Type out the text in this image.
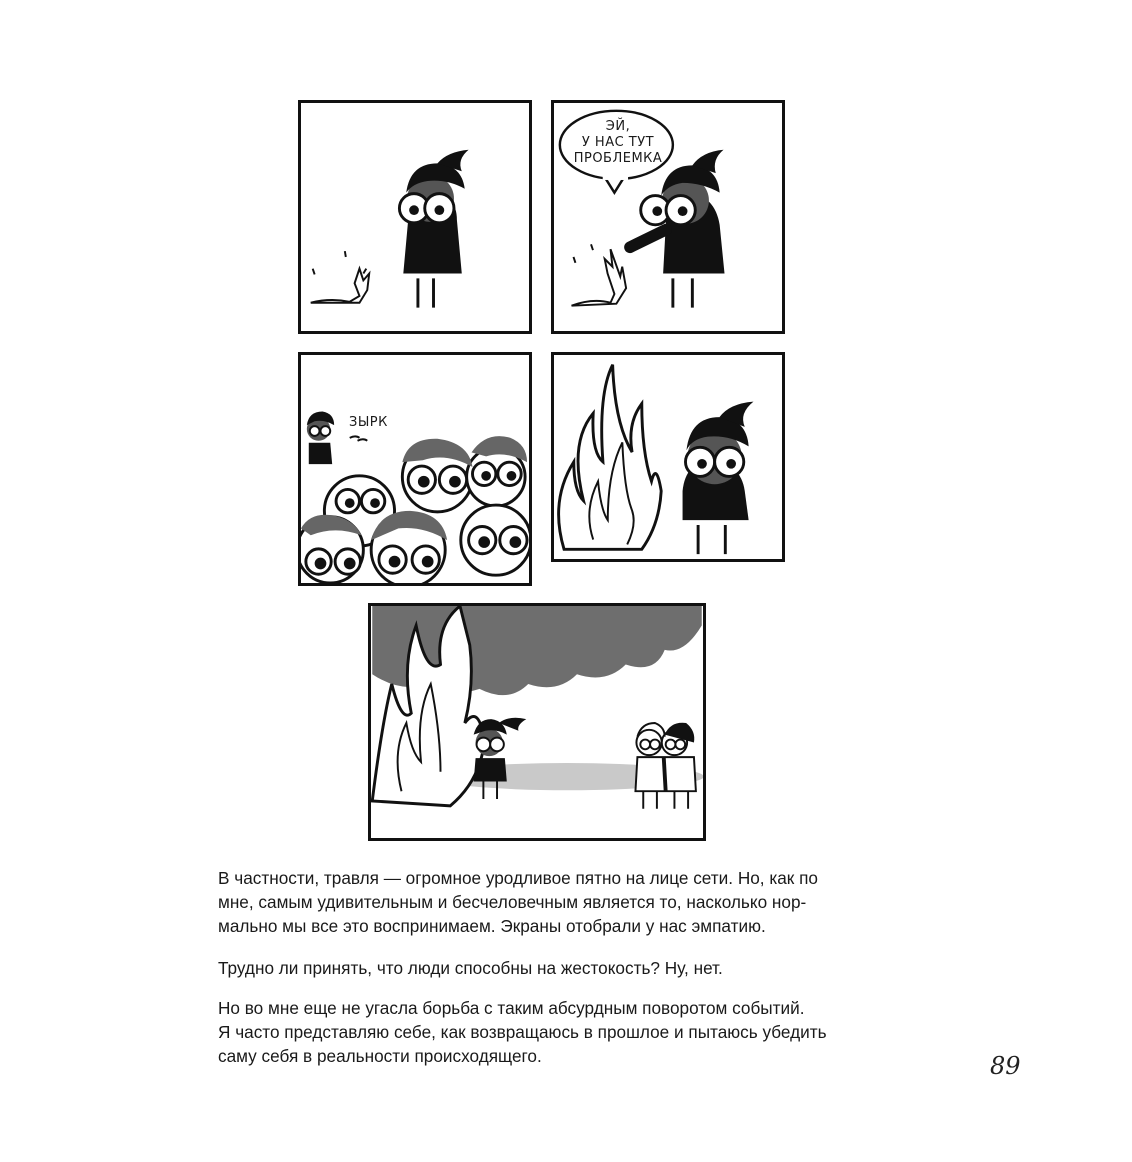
ЭЙ,
У НАС ТУТ
ПРОБЛЕМКА
ЗЫРК

В частности, травля — огромное уродливое пятно на лице сети. Но, как по

мне, самым удивительным и бесчеловечным является то, насколько нор-

мально мы все это воспринимаем. Экраны отобрали у нас эмпатию.

Трудно ли принять, что люди способны на жестокость? Ну, нет.

Но во мне еще не угасла борьба с таким абсурдным поворотом событий.

Я часто представляю себе, как возвращаюсь в прошлое и пытаюсь убедить

саму себя в реальности происходящего.	89
